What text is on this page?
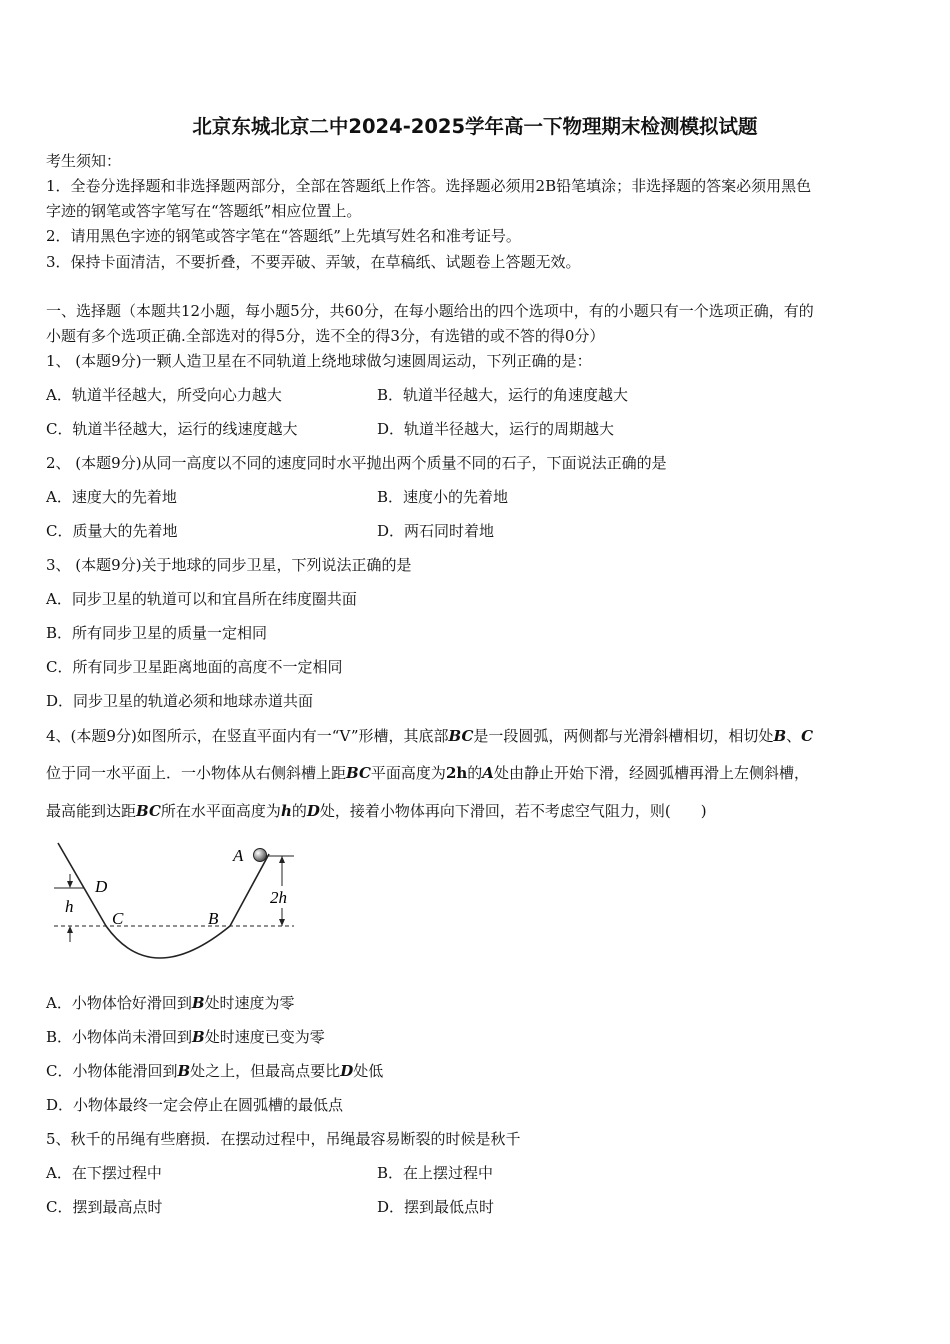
北京东城北京二中2024-2025学年高一下物理期末检测模拟试题
考生须知：
1．全卷分选择题和非选择题两部分，全部在答题纸上作答。选择题必须用2B铅笔填涂；非选择题的答案必须用黑色
字迹的钢笔或答字笔写在“答题纸”相应位置上。
2．请用黑色字迹的钢笔或答字笔在“答题纸”上先填写姓名和准考证号。
3．保持卡面清洁，不要折叠，不要弄破、弄皱，在草稿纸、试题卷上答题无效。
一、选择题（本题共12小题，每小题5分，共60分，在每小题给出的四个选项中，有的小题只有一个选项正确，有的
小题有多个选项正确.全部选对的得5分，选不全的得3分，有选错的或不答的得0分）
1、 (本题9分)一颗人造卫星在不同轨道上绕地球做匀速圆周运动，下列正确的是：
A．轨道半径越大，所受向心力越大	B．轨道半径越大，运行的角速度越大
C．轨道半径越大，运行的线速度越大	D．轨道半径越大，运行的周期越大
2、 (本题9分)从同一高度以不同的速度同时水平抛出两个质量不同的石子，下面说法正确的是
A．速度大的先着地	B．速度小的先着地
C．质量大的先着地	D．两石同时着地
3、 (本题9分)关于地球的同步卫星，下列说法正确的是
A．同步卫星的轨道可以和宜昌所在纬度圈共面
B．所有同步卫星的质量一定相同
C．所有同步卫星距离地面的高度不一定相同
D．同步卫星的轨道必须和地球赤道共面
4、(本题9分)如图所示，在竖直平面内有一“V”形槽，其底部BC是一段圆弧，两侧都与光滑斜槽相切，相切处B、C
位于同一水平面上．一小物体从右侧斜槽上距BC平面高度为2h的A处由静止开始下滑，经圆弧槽再滑上左侧斜槽，
最高能到达距BC所在水平面高度为h的D处，接着小物体再向下滑回，若不考虑空气阻力，则(　　)
A
D
C	B
h	2h
A．小物体恰好滑回到B处时速度为零
B．小物体尚未滑回到B处时速度已变为零
C．小物体能滑回到B处之上，但最高点要比D处低
D．小物体最终一定会停止在圆弧槽的最低点
5、秋千的吊绳有些磨损．在摆动过程中，吊绳最容易断裂的时候是秋千
A．在下摆过程中	B．在上摆过程中
C．摆到最高点时	D．摆到最低点时
